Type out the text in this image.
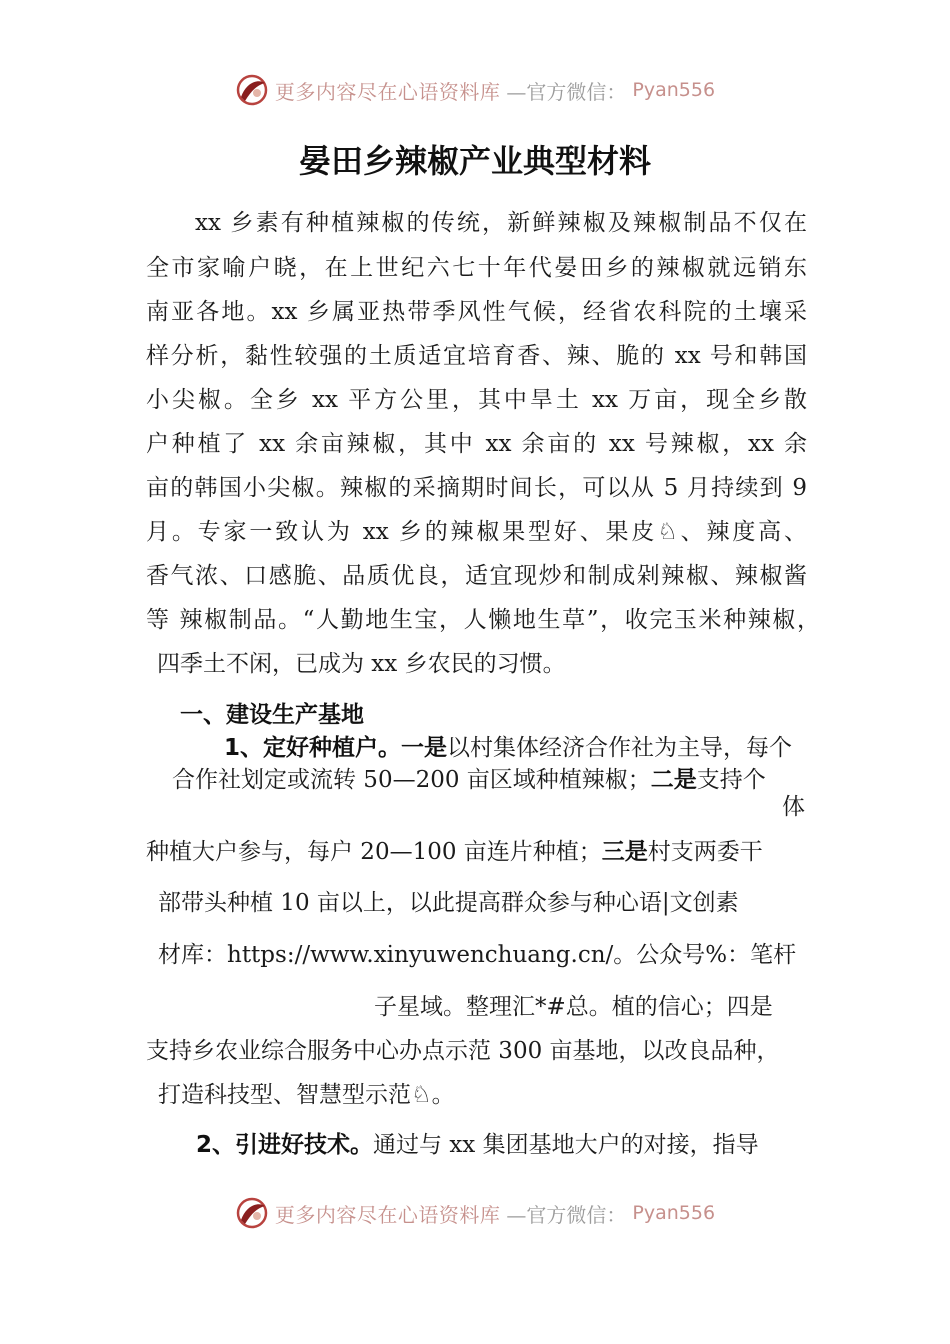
更多内容尽在心语资料库 —官方微信： Pyan556
晏田乡辣椒产业典型材料
xx 乡素有种植辣椒的传统，新鲜辣椒及辣椒制品不仅在
全市家喻户晓，在上世纪六七十年代晏田乡的辣椒就远销东
南亚各地。xx 乡属亚热带季风性气候，经省农科院的土壤采
样分析，黏性较强的土质适宜培育香、辣、脆的 xx 号和韩国
小尖椒。全乡 xx 平方公里，其中旱土 xx 万亩，现全乡散
户种植了 xx 余亩辣椒，其中 xx 余亩的 xx 号辣椒，xx 余
亩的韩国小尖椒。辣椒的采摘期时间长，可以从 5 月持续到 9
月。专家一致认为 xx 乡的辣椒果型好、果皮♘、辣度高、
香气浓、口感脆、品质优良，适宜现炒和制成剁辣椒、辣椒酱
等 辣椒制品。“人勤地生宝，人懒地生草”，收完玉米种辣椒，
四季土不闲，已成为 xx 乡农民的习惯。
一、建设生产基地
1、定好种植户。一是以村集体经济合作社为主导，每个
合作社划定或流转 50—200 亩区域种植辣椒；二是支持个
体
种植大户参与，每户 20—100 亩连片种植；三是村支两委干
部带头种植 10 亩以上，以此提高群众参与种心语|文创素
材库：https://www.xinyuwenchuang.cn/。公众号%：笔杆
子星域。整理汇*#总。植的信心；四是
支持乡农业综合服务中心办点示范 300 亩基地，以改良品种，
打造科技型、智慧型示范♘。
2、引进好技术。通过与 xx 集团基地大户的对接，指导
更多内容尽在心语资料库 —官方微信： Pyan556
